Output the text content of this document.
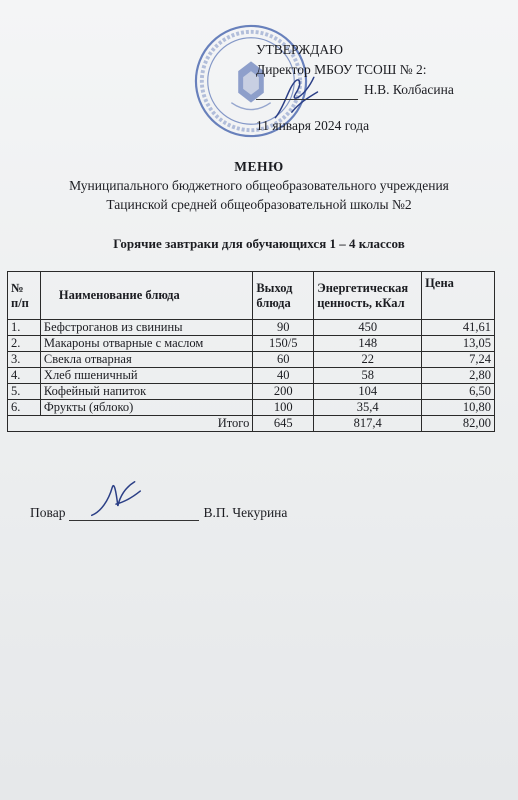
УТВЕРЖДАЮ
Директор МБОУ ТСОШ № 2:
Н.В. Колбасина
11 января 2024 года
МЕНЮ
Муниципального бюджетного общеобразовательного учреждения
Тацинской средней общеобразовательной школы №2
Горячие завтраки для обучающихся 1 – 4 классов
№ п/п	Наименование блюда	Выход блюда	Энергетическая ценность, кКал	Цена
1.	Бефстроганов из свинины	90	450	41,61
2.	Макароны отварные с маслом	150/5	148	13,05
3.	Свекла отварная	60	22	7,24
4.	Хлеб пшеничный	40	58	2,80
5.	Кофейный напиток	200	104	6,50
6.	Фрукты (яблоко)	100	35,4	10,80
Итого		645	817,4	82,00
Повар	В.П. Чекурина
